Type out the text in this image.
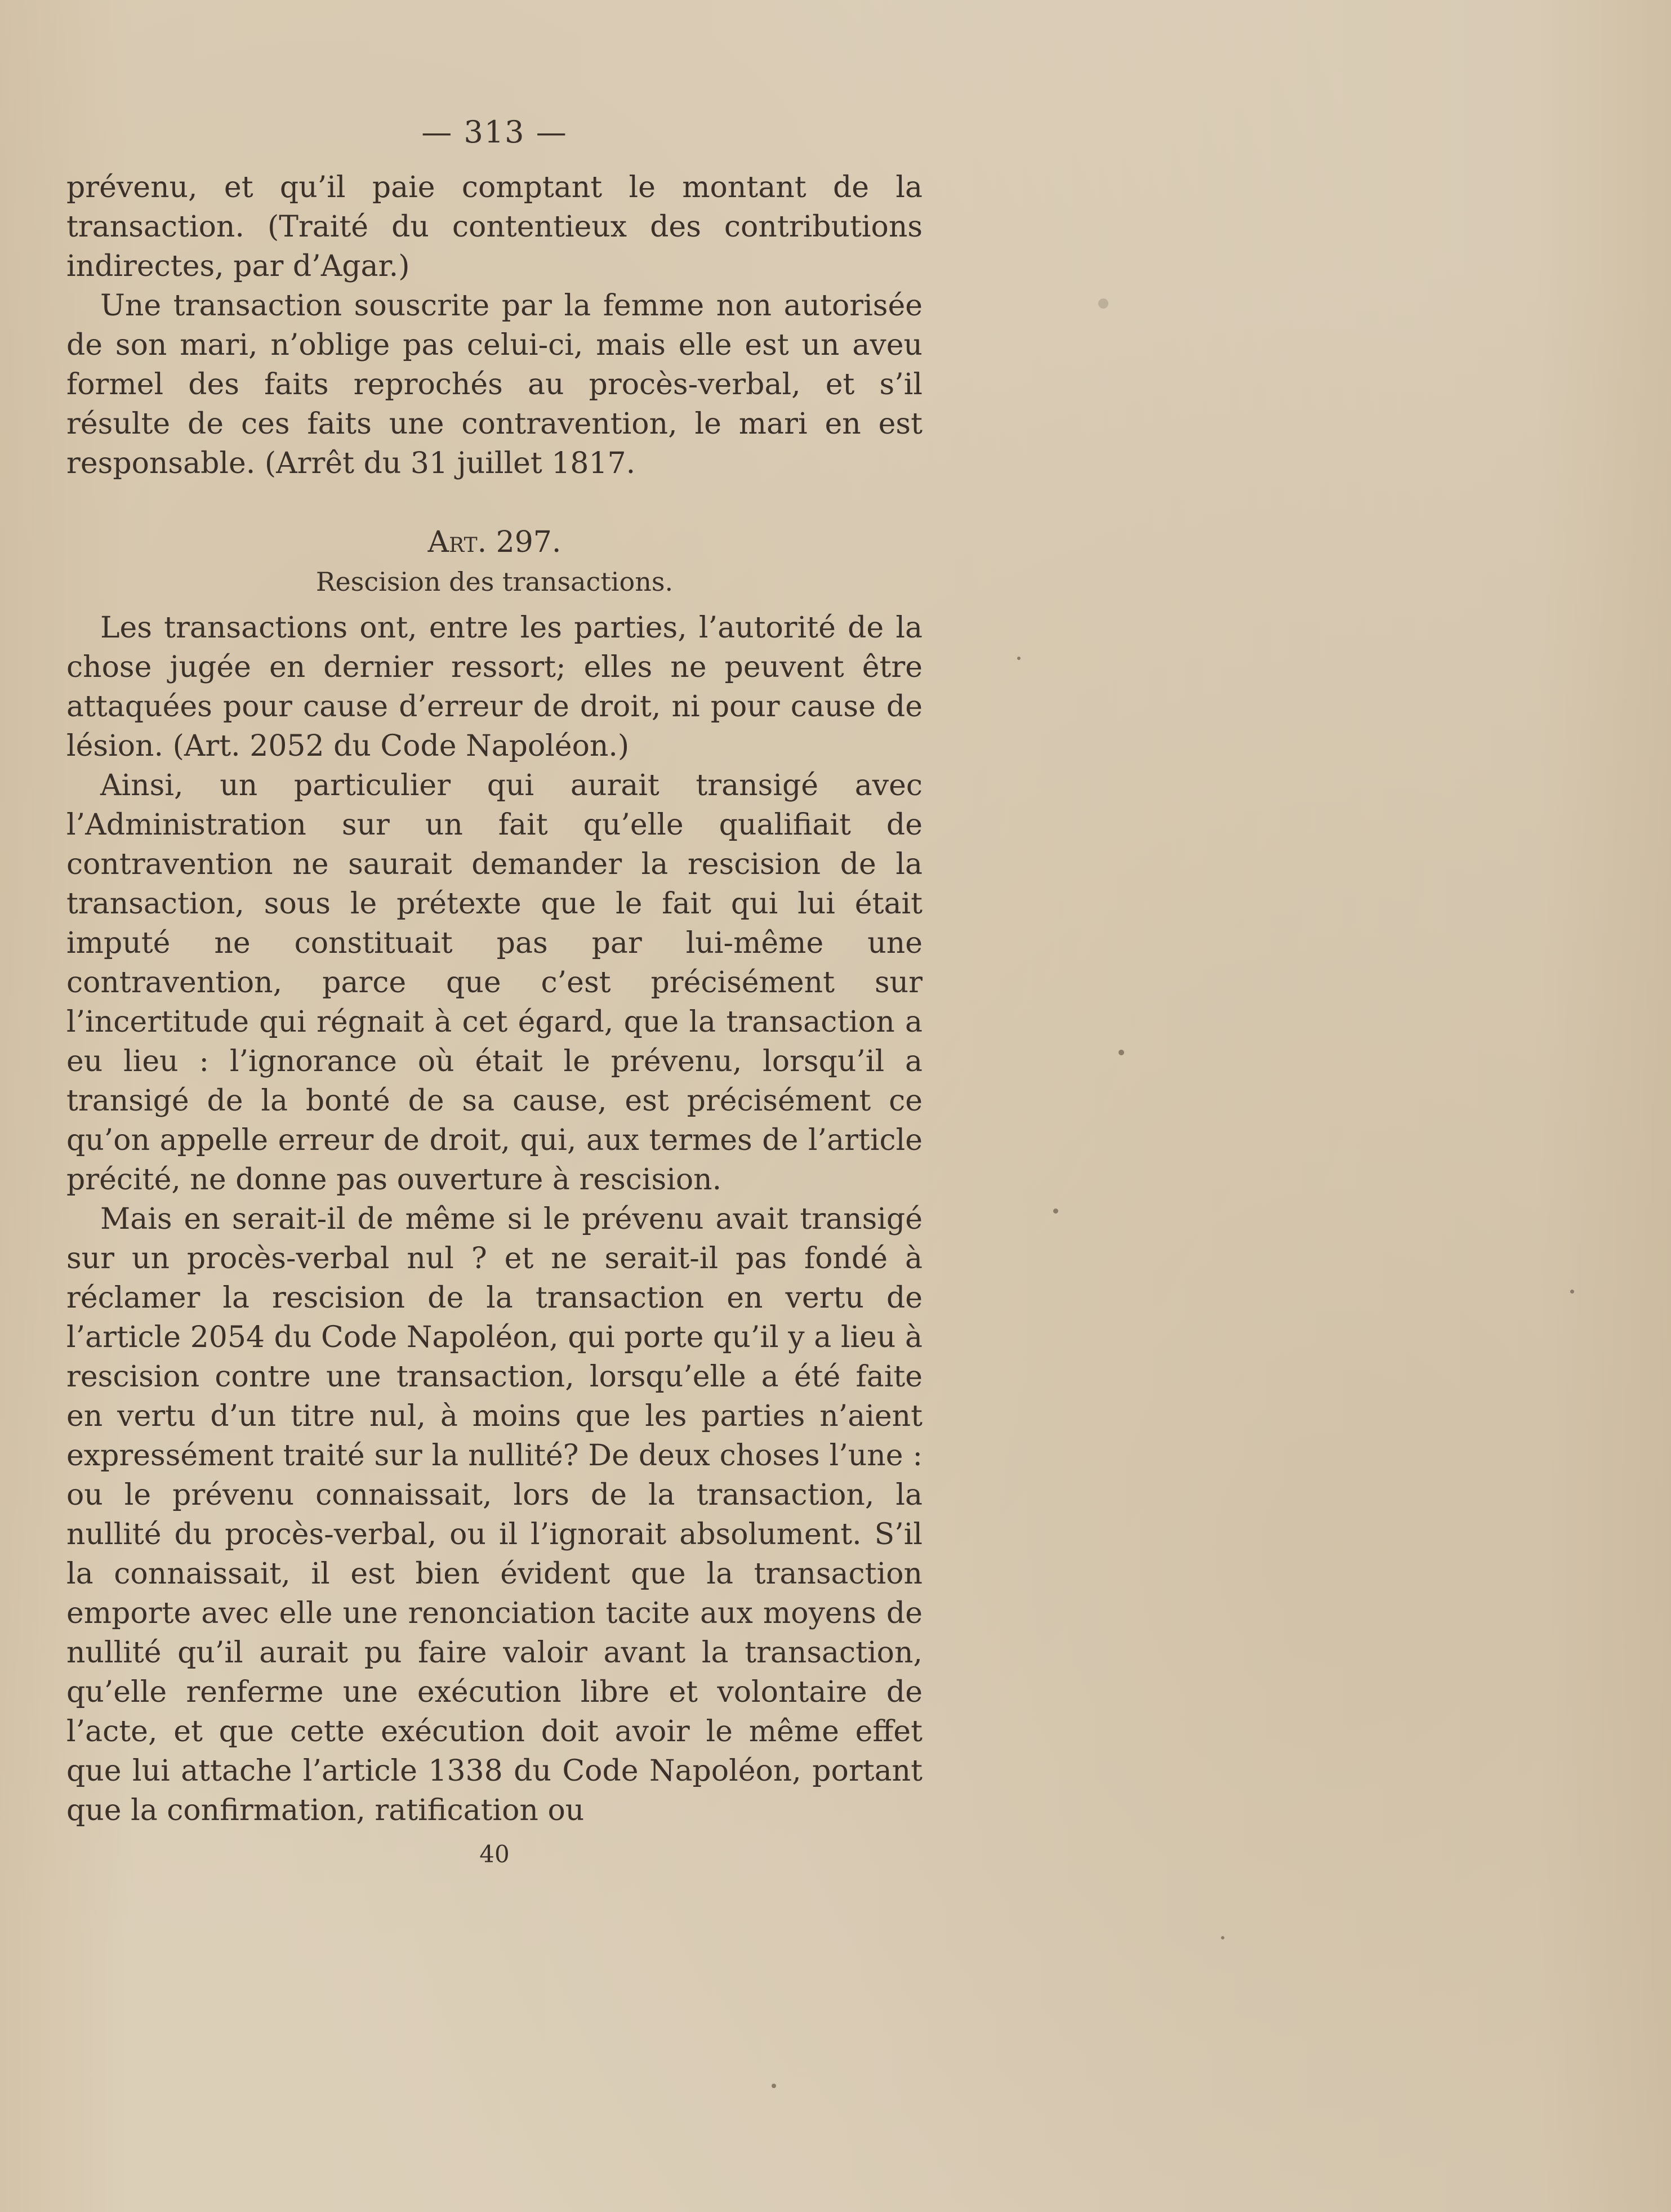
— 313 —

prévenu, et qu’il paie comptant le montant de la transaction. (Traité du contentieux des contributions indirectes, par d’Agar.)

Une transaction souscrite par la femme non autorisée de son mari, n’oblige pas celui-ci, mais elle est un aveu formel des faits reprochés au procès-verbal, et s’il résulte de ces faits une contravention, le mari en est responsable. (Arrêt du 31 juillet 1817.

Art. 297.
Rescision des transactions.

Les transactions ont, entre les parties, l’autorité de la chose jugée en dernier ressort; elles ne peuvent être attaquées pour cause d’erreur de droit, ni pour cause de lésion. (Art. 2052 du Code Napoléon.)

Ainsi, un particulier qui aurait transigé avec l’Administration sur un fait qu’elle qualifiait de contravention ne saurait demander la rescision de la transaction, sous le prétexte que le fait qui lui était imputé ne constituait pas par lui-même une contravention, parce que c’est précisément sur l’incertitude qui régnait à cet égard, que la transaction a eu lieu : l’ignorance où était le prévenu, lorsqu’il a transigé de la bonté de sa cause, est précisément ce qu’on appelle erreur de droit, qui, aux termes de l’article précité, ne donne pas ouverture à rescision.

Mais en serait-il de même si le prévenu avait transigé sur un procès-verbal nul ? et ne serait-il pas fondé à réclamer la rescision de la transaction en vertu de l’article 2054 du Code Napoléon, qui porte qu’il y a lieu à rescision contre une transaction, lorsqu’elle a été faite en vertu d’un titre nul, à moins que les parties n’aient expressément traité sur la nullité? De deux choses l’une : ou le prévenu connaissait, lors de la transaction, la nullité du procès-verbal, ou il l’ignorait absolument. S’il la connaissait, il est bien évident que la transaction emporte avec elle une renonciation tacite aux moyens de nullité qu’il aurait pu faire valoir avant la transaction, qu’elle renferme une exécution libre et volontaire de l’acte, et que cette exécution doit avoir le même effet que lui attache l’article 1338 du Code Napoléon, portant que la confirmation, ratification ou

40
